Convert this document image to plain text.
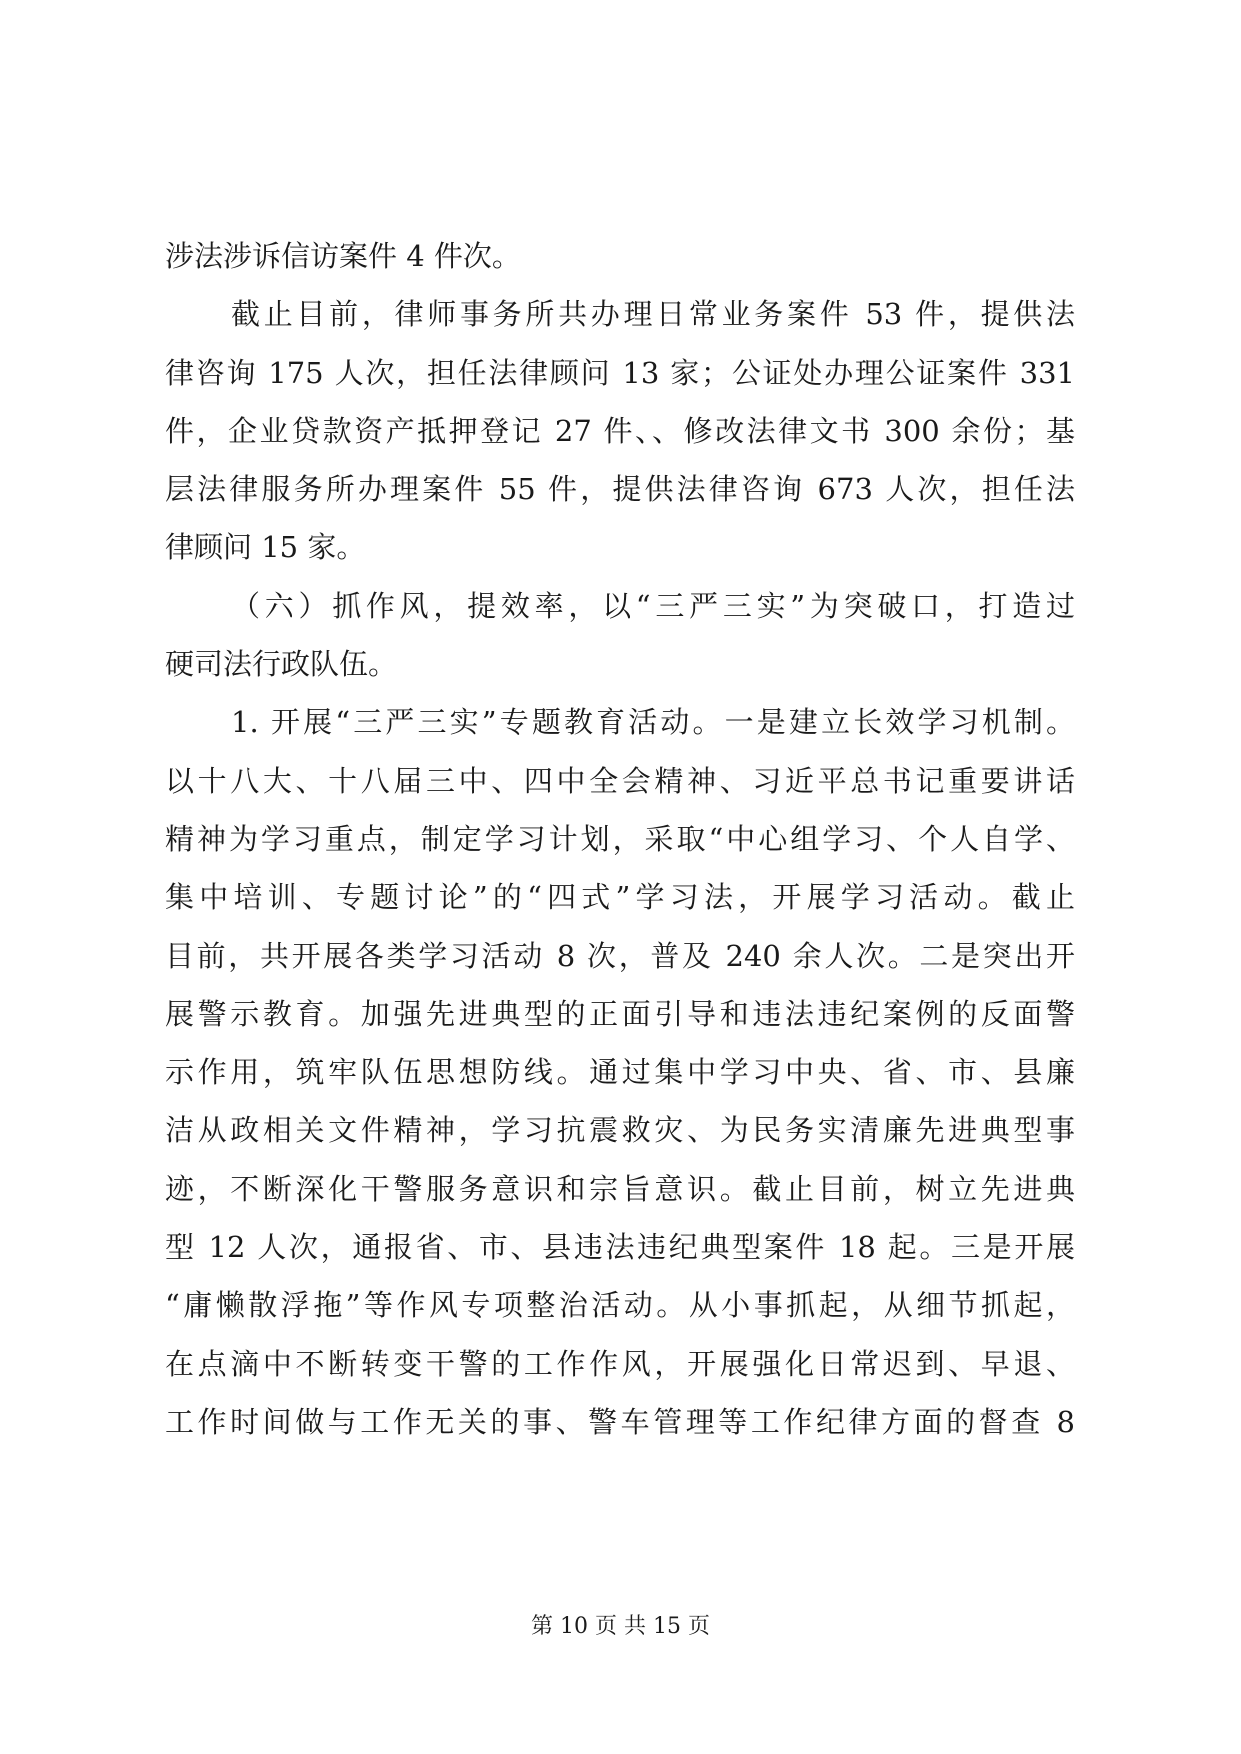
涉法涉诉信访案件 4 件次。
截止目前，律师事务所共办理日常业务案件 53 件，提供法
律咨询 175 人次，担任法律顾问 13 家；公证处办理公证案件 331
件，企业贷款资产抵押登记 27 件、、修改法律文书 300 余份；基
层法律服务所办理案件 55 件，提供法律咨询 673 人次，担任法
律顾问 15 家。
（六）抓作风，提效率，以“三严三实”为突破口，打造过
硬司法行政队伍。
1. 开展“三严三实”专题教育活动。一是建立长效学习机制。
以十八大、十八届三中、四中全会精神、习近平总书记重要讲话
精神为学习重点，制定学习计划，采取“中心组学习、个人自学、
集中培训、专题讨论”的“四式”学习法，开展学习活动。截止
目前，共开展各类学习活动 8 次，普及 240 余人次。二是突出开
展警示教育。加强先进典型的正面引导和违法违纪案例的反面警
示作用，筑牢队伍思想防线。通过集中学习中央、省、市、县廉
洁从政相关文件精神，学习抗震救灾、为民务实清廉先进典型事
迹，不断深化干警服务意识和宗旨意识。截止目前，树立先进典
型 12 人次，通报省、市、县违法违纪典型案件 18 起。三是开展
“庸懒散浮拖”等作风专项整治活动。从小事抓起，从细节抓起，
在点滴中不断转变干警的工作作风，开展强化日常迟到、早退、
工作时间做与工作无关的事、警车管理等工作纪律方面的督查 8
第 10 页 共 15 页
